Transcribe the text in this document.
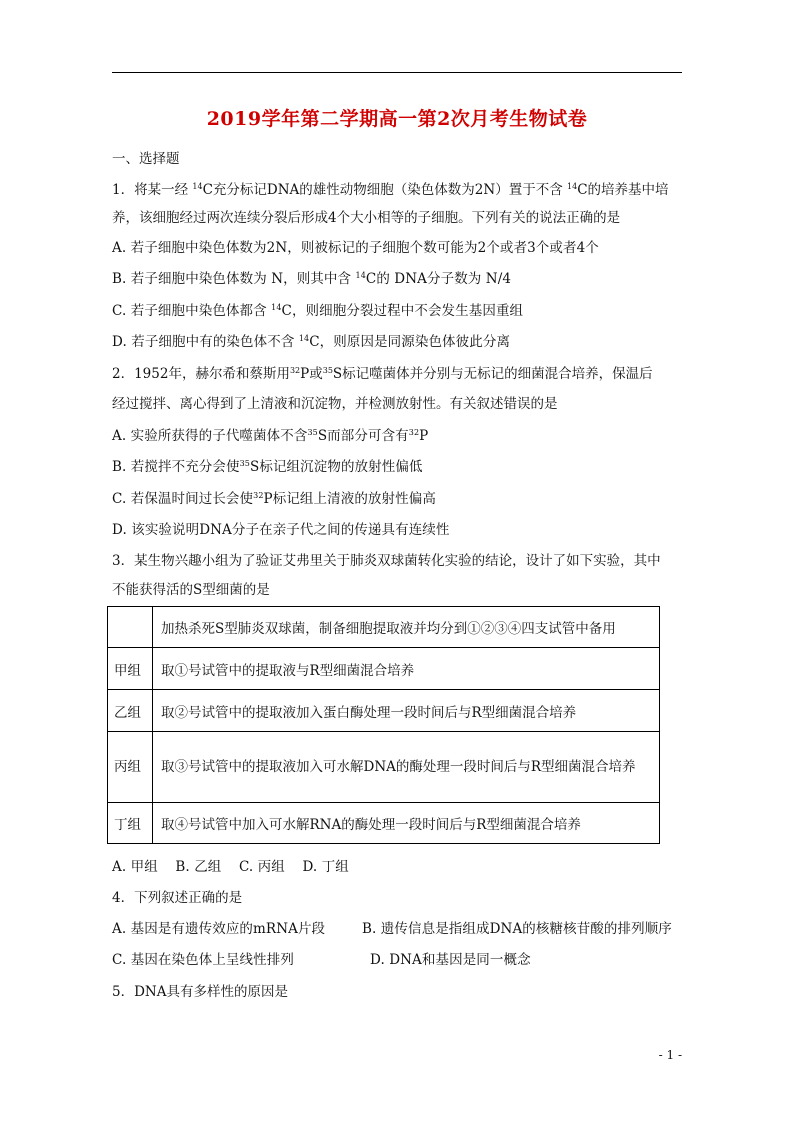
2019学年第二学期高一第2次月考生物试卷
一、选择题
1．将某一经 $^{14}$C充分标记DNA的雄性动物细胞（染色体数为2N）置于不含 $^{14}$C的培养基中培
养，该细胞经过两次连续分裂后形成4个大小相等的子细胞。下列有关的说法正确的是
A. 若子细胞中染色体数为2N，则被标记的子细胞个数可能为2个或者3个或者4个
B. 若子细胞中染色体数为 N，则其中含 $^{14}$C的 DNA分子数为 N/4
C. 若子细胞中染色体都含 $^{14}$C，则细胞分裂过程中不会发生基因重组
D. 若子细胞中有的染色体不含 $^{14}$C，则原因是同源染色体彼此分离
2．1952年，赫尔希和蔡斯用$^{32}$P或$^{35}$S标记噬菌体并分别与无标记的细菌混合培养，保温后
经过搅拌、离心得到了上清液和沉淀物，并检测放射性。有关叙述错误的是
A. 实验所获得的子代噬菌体不含$^{35}$S而部分可含有$^{32}$P
B. 若搅拌不充分会使$^{35}$S标记组沉淀物的放射性偏低
C. 若保温时间过长会使$^{32}$P标记组上清液的放射性偏高
D. 该实验说明DNA分子在亲子代之间的传递具有连续性
3．某生物兴趣小组为了验证艾弗里关于肺炎双球菌转化实验的结论，设计了如下实验，其中
不能获得活的S型细菌的是
	加热杀死S型肺炎双球菌，制备细胞提取液并均分到①②③④四支试管中备用
甲组	取①号试管中的提取液与R型细菌混合培养
乙组	取②号试管中的提取液加入蛋白酶处理一段时间后与R型细菌混合培养
丙组	取③号试管中的提取液加入可水解DNA的酶处理一段时间后与R型细菌混合培养
丁组	取④号试管中加入可水解RNA的酶处理一段时间后与R型细菌混合培养
A. 甲组    B. 乙组    C. 丙组    D. 丁组
4．下列叙述正确的是
A. 基因是有遗传效应的mRNA片段	B. 遗传信息是指组成DNA的核糖核苷酸的排列顺序
C. 基因在染色体上呈线性排列	D. DNA和基因是同一概念
5．DNA具有多样性的原因是
- 1 -
